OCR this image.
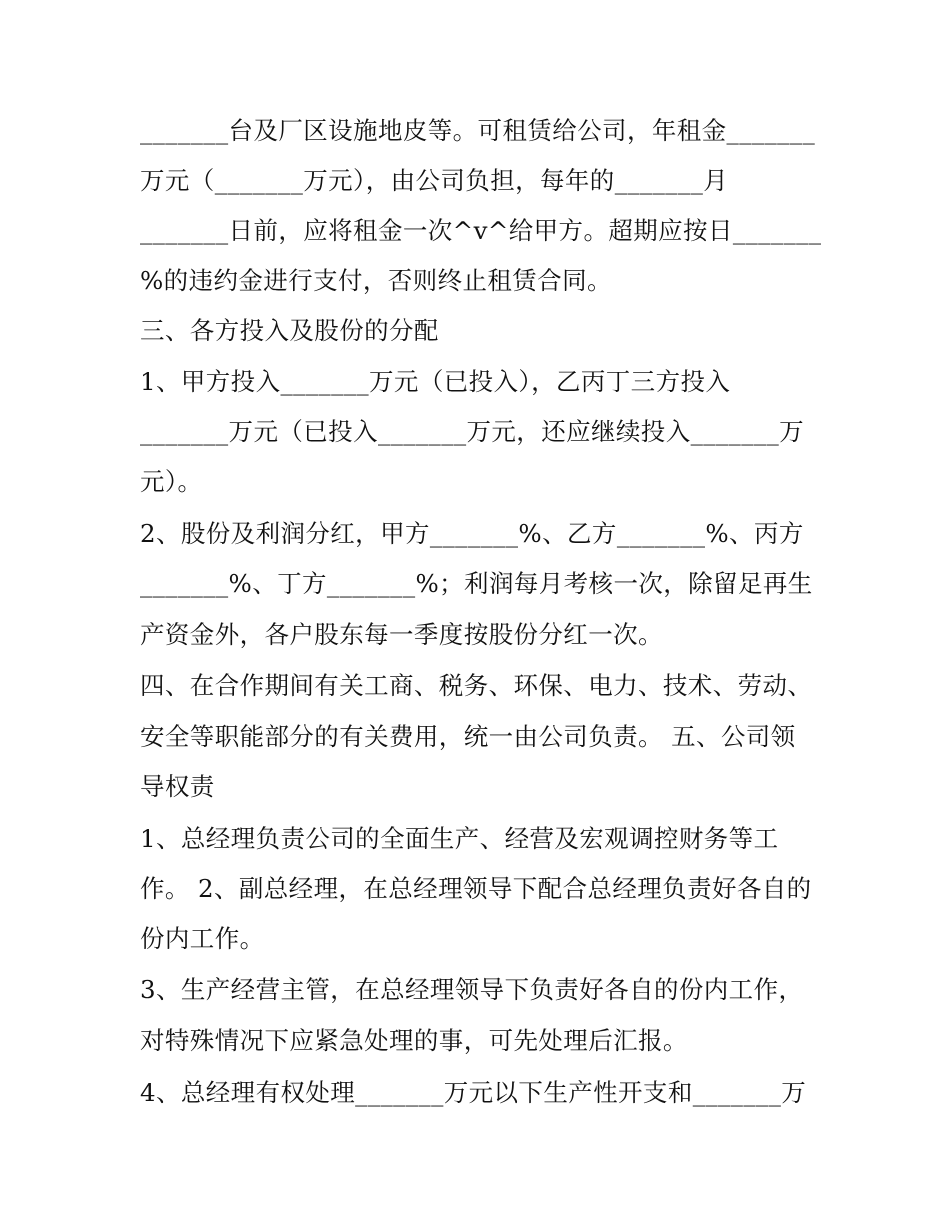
_______台及厂区设施地皮等。可租赁给公司，年租金_______
万元（_______万元），由公司负担，每年的_______月
_______日前，应将租金一次^v^给甲方。超期应按日_______
%的违约金进行支付，否则终止租赁合同。
三、各方投入及股份的分配
1、甲方投入_______万元（已投入），乙丙丁三方投入
_______万元（已投入_______万元，还应继续投入_______万
元）。
2、股份及利润分红，甲方_______%、乙方_______%、丙方
_______%、丁方_______%；利润每月考核一次，除留足再生
产资金外，各户股东每一季度按股份分红一次。
四、在合作期间有关工商、税务、环保、电力、技术、劳动、
安全等职能部分的有关费用，统一由公司负责。 五、公司领
导权责
1、总经理负责公司的全面生产、经营及宏观调控财务等工
作。 2、副总经理，在总经理领导下配合总经理负责好各自的
份内工作。
3、生产经营主管，在总经理领导下负责好各自的份内工作，
对特殊情况下应紧急处理的事，可先处理后汇报。
4、总经理有权处理_______万元以下生产性开支和_______万
